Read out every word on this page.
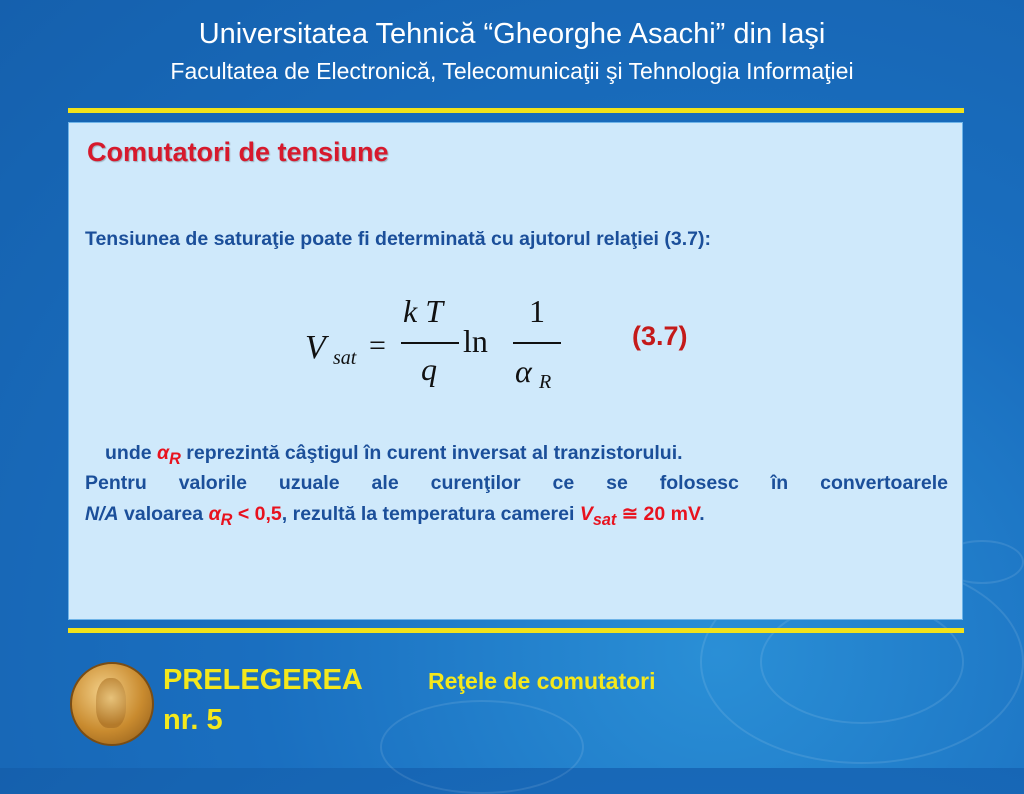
Universitatea Tehnică “Gheorghe Asachi” din Iaşi
Facultatea de Electronică, Telecomunicaţii şi Tehnologia Informaţiei
Comutatori de tensiune
Tensiunea de saturaţie poate fi determinată cu ajutorul relaţiei (3.7):
V sat =
k T
q
ln
1
α R
(3.7)
unde $\alpha_R$ reprezintă câştigul în curent inversat al tranzistorului.
Pentru valorile uzuale ale curenţilor ce se folosesc în convertoarele
N/A valoarea $\alpha_R < 0,5$, rezultă la temperatura camerei $V_{sat}$ ≅ 20 mV.
PRELEGEREA
nr. 5
Reţele de comutatori
